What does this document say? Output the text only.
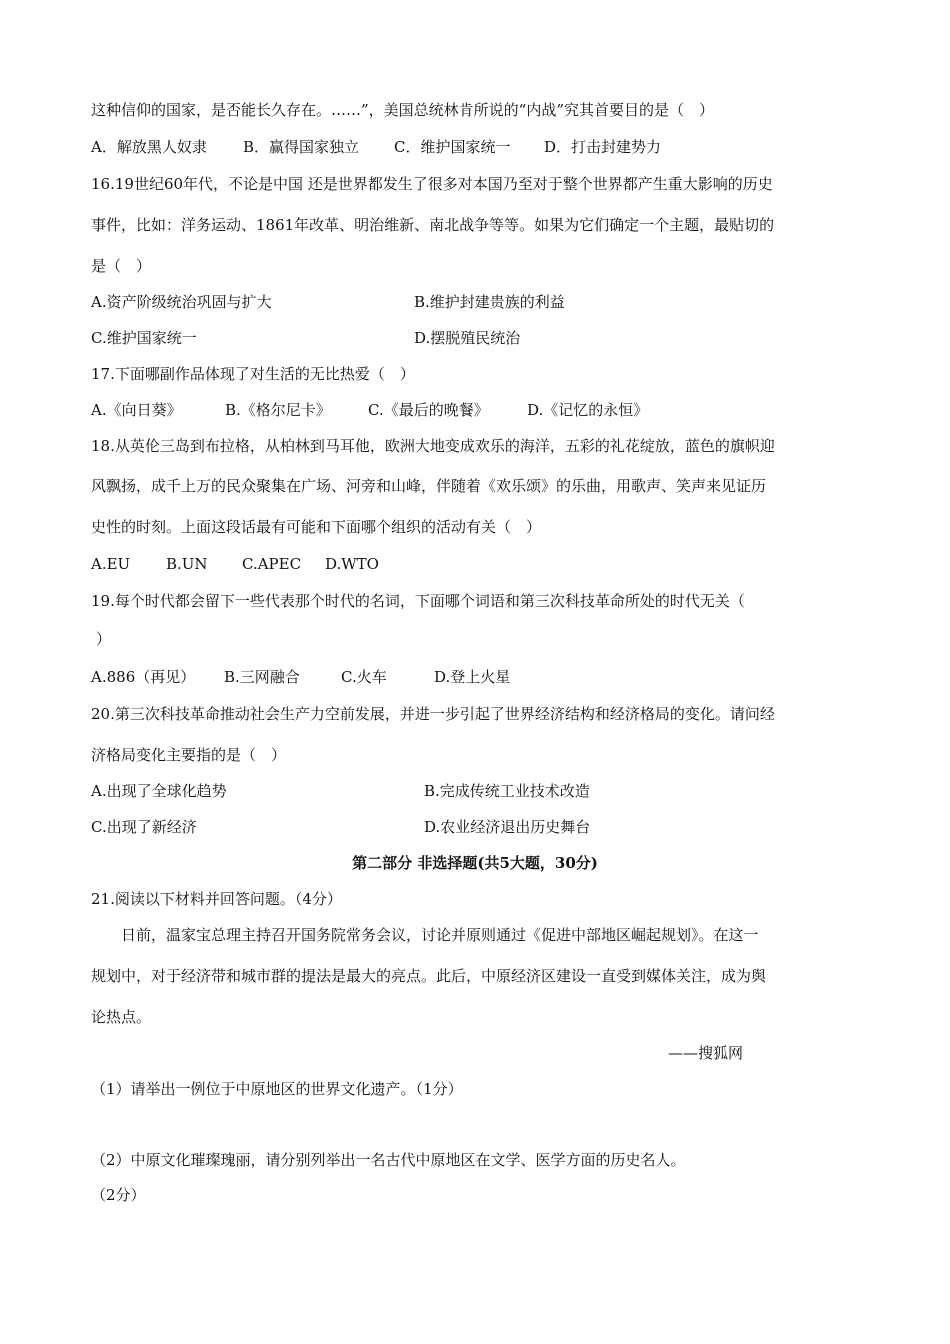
这种信仰的国家，是否能长久存在。……”，美国总统林肯所说的“内战”究其首要目的是（　）
A．解放黑人奴隶 B．赢得国家独立 C．维护国家统一 D．打击封建势力
16.19世纪60年代，不论是中国 还是世界都发生了很多对本国乃至对于整个世界都产生重大影响的历史
事件，比如：洋务运动、1861年改革、明治维新、南北战争等等。如果为它们确定一个主题，最贴切的
是（　）
A.资产阶级统治巩固与扩大	B.维护封建贵族的利益
C.维护国家统一	D.摆脱殖民统治
17.下面哪副作品体现了对生活的无比热爱（　）
A.《向日葵》	B.《格尔尼卡》 C.《最后的晚餐》	D.《记忆的永恒》
18.从英伦三岛到布拉格，从柏林到马耳他，欧洲大地变成欢乐的海洋，五彩的礼花绽放，蓝色的旗帜迎
风飘扬，成千上万的民众聚集在广场、河旁和山峰，伴随着《欢乐颂》的乐曲，用歌声、笑声来见证历
史性的时刻。上面这段话最有可能和下面哪个组织的活动有关（　）
A.EU B.UN C.APEC D.WTO
19.每个时代都会留下一些代表那个时代的名词，下面哪个词语和第三次科技革命所处的时代无关（
）
A.886（再见） B.三网融合	C.火车	D.登上火星
20.第三次科技革命推动社会生产力空前发展，并进一步引起了世界经济结构和经济格局的变化。请问经
济格局变化主要指的是（　）
A.出现了全球化趋势	B.完成传统工业技术改造
C.出现了新经济	D.农业经济退出历史舞台
第二部分 非选择题(共5大题，30分)
21.阅读以下材料并回答问题。（4分）
日前，温家宝总理主持召开国务院常务会议，讨论并原则通过《促进中部地区崛起规划》。在这一
规划中，对于经济带和城市群的提法是最大的亮点。此后，中原经济区建设一直受到媒体关注，成为舆
论热点。
——搜狐网
（1）请举出一例位于中原地区的世界文化遗产。（1分）
（2）中原文化璀璨瑰丽，请分别列举出一名古代中原地区在文学、医学方面的历史名人。
（2分）
